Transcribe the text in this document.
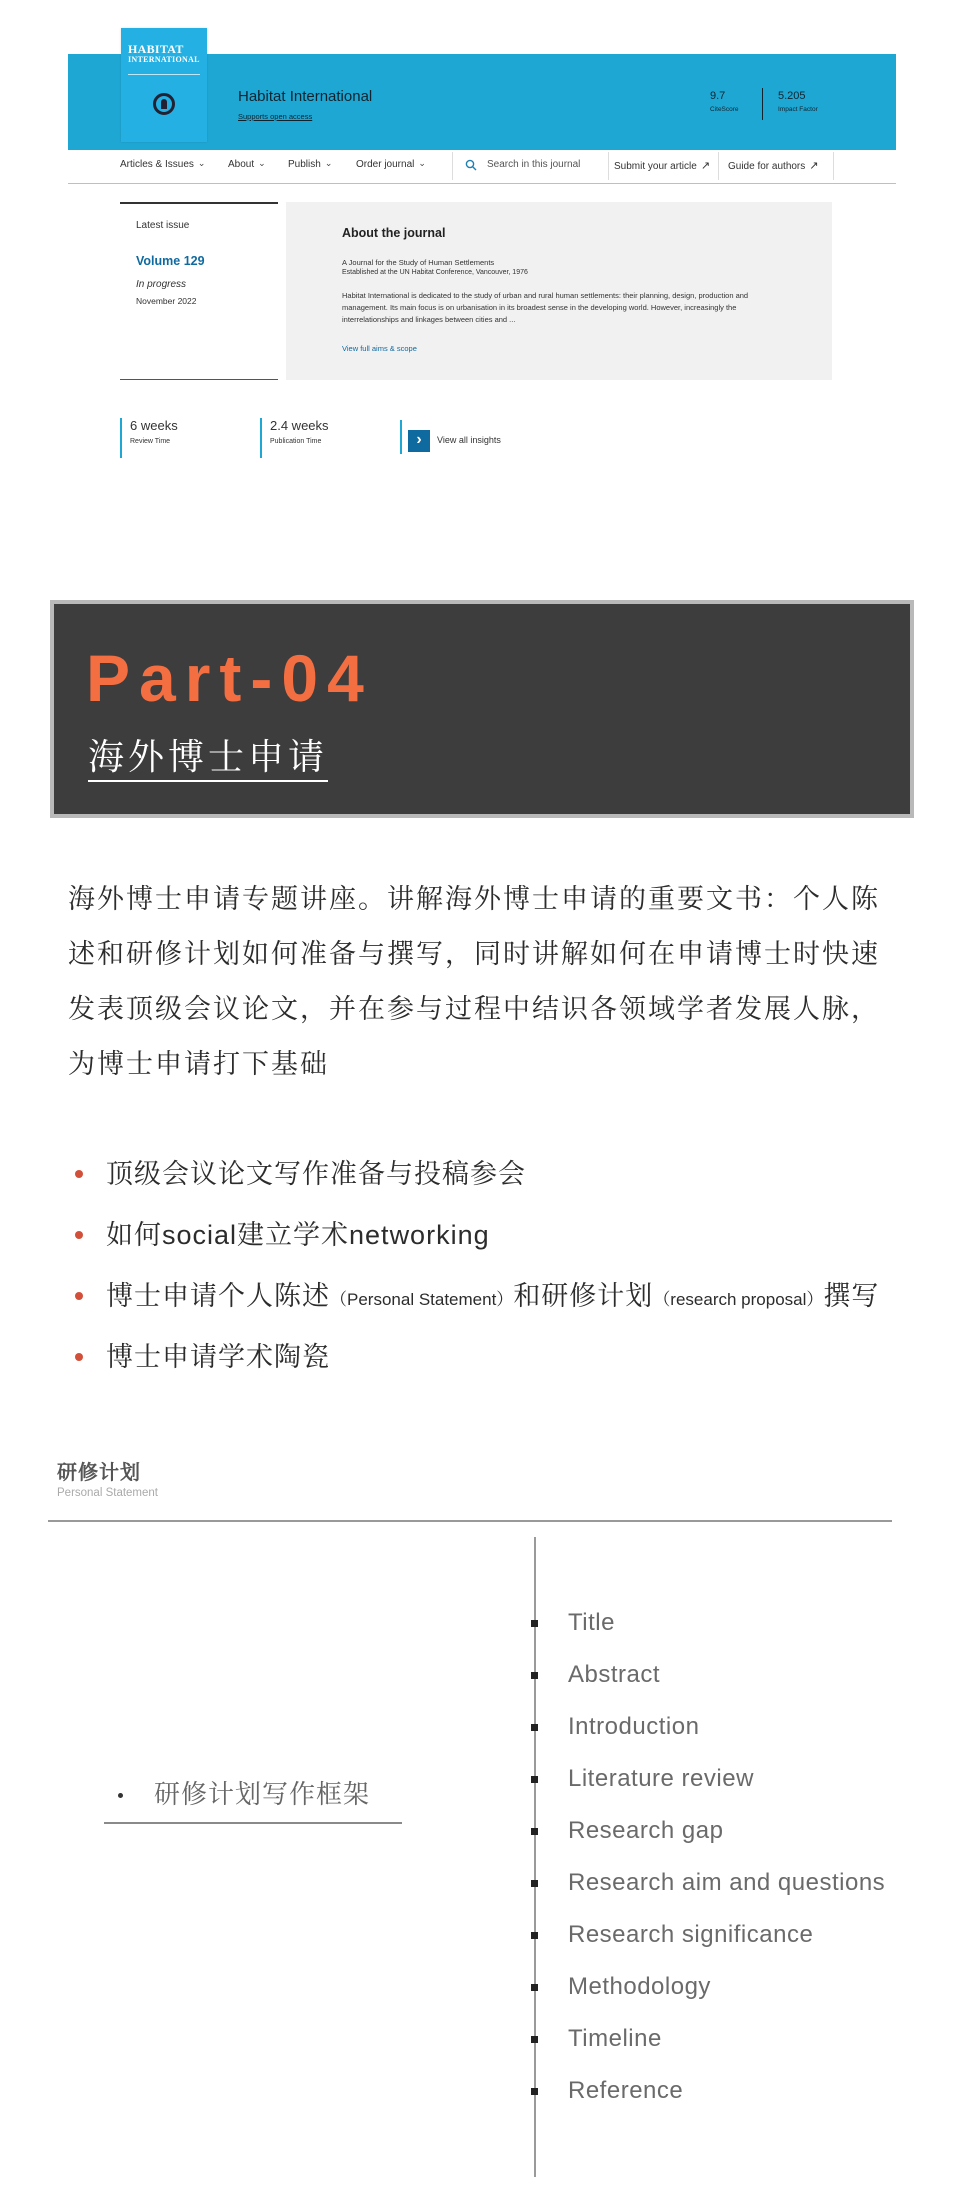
Habitat International
Supports open access
9.7
CiteScore
5.205
Impact Factor
HABITAT
INTERNATIONAL
Articles & Issues ⌄ About ⌄ Publish ⌄ Order journal ⌄	Search in this journal	Submit your article ↗ Guide for authors ↗
Latest issue
Volume 129
In progress
November 2022
About the journal
A Journal for the Study of Human Settlements
Established at the UN Habitat Conference, Vancouver, 1976
Habitat International is dedicated to the study of urban and rural human settlements: their planning, design, production and management. Its main focus is on urbanisation in its broadest sense in the developing world. However, increasingly the interrelationships and linkages between cities and ...
View full aims & scope
6 weeks
Review Time
2.4 weeks
Publication Time	›	View all insights
Part-04
海外博士申请

海外博士申请专题讲座。讲解海外博士申请的重要文书：个人陈述和研修计划如何准备与撰写，同时讲解如何在申请博士时快速发表顶级会议论文，并在参与过程中结识各领域学者发展人脉，为博士申请打下基础

顶级会议论文写作准备与投稿参会
如何social建立学术networking
博士申请个人陈述（Personal Statement）和研修计划（research proposal）撰写
博士申请学术陶瓷
研修计划
Personal Statement
研修计划写作框架
Title
Abstract
Introduction
Literature review
Research gap
Research aim and questions
Research significance
Methodology
Timeline
Reference
